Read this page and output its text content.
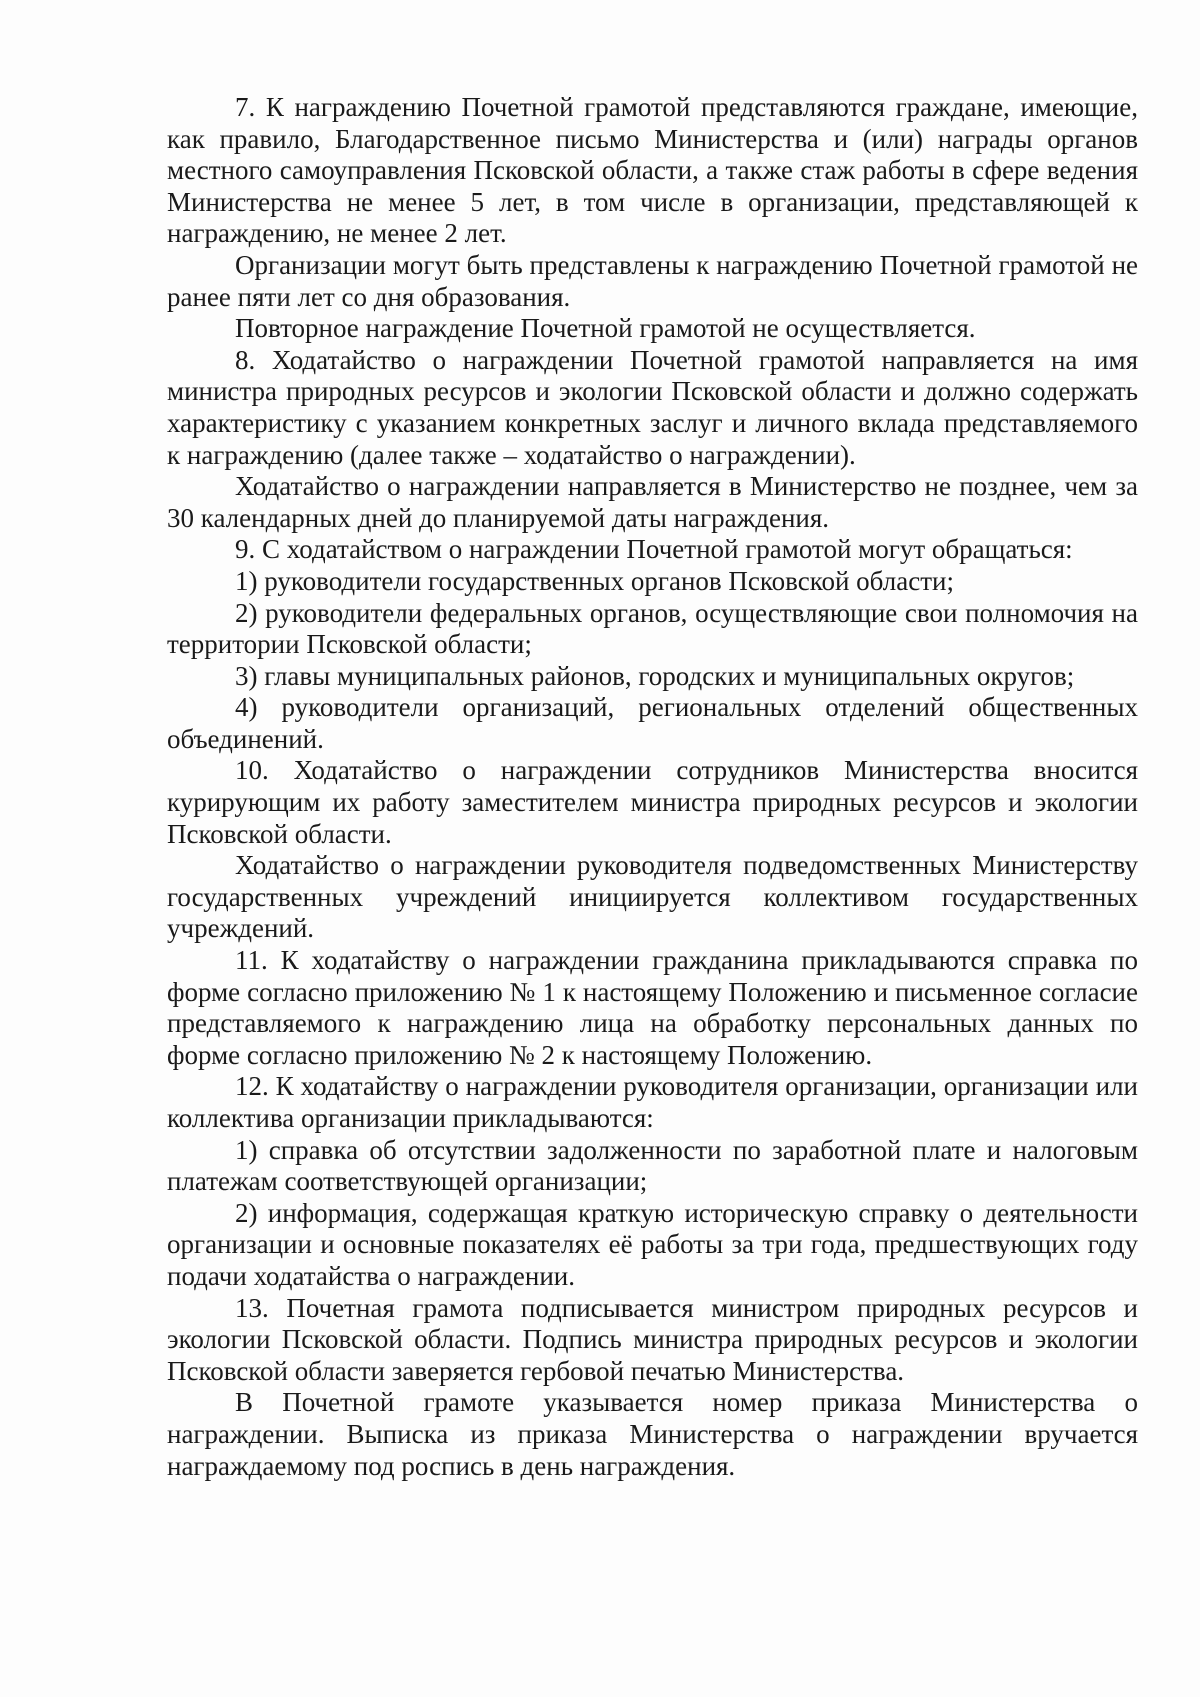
7. К награждению Почетной грамотой представляются граждане, имеющие, как правило, Благодарственное письмо Министерства и (или) награды органов местного самоуправления Псковской области, а также стаж работы в сфере ведения Министерства не менее 5 лет, в том числе в организации, представляющей к награждению, не менее 2 лет.

Организации могут быть представлены к награждению Почетной грамотой не ранее пяти лет со дня образования.

Повторное награждение Почетной грамотой не осуществляется.

8. Ходатайство о награждении Почетной грамотой направляется на имя министра природных ресурсов и экологии Псковской области и должно содержать характеристику с указанием конкретных заслуг и личного вклада представляемого к награждению (далее также – ходатайство о награждении).

Ходатайство о награждении направляется в Министерство не позднее, чем за 30 календарных дней до планируемой даты награждения.

9. С ходатайством о награждении Почетной грамотой могут обращаться:

1) руководители государственных органов Псковской области;

2) руководители федеральных органов, осуществляющие свои полномочия на территории Псковской области;

3) главы муниципальных районов, городских и муниципальных округов;

4) руководители организаций, региональных отделений общественных объединений.

10. Ходатайство о награждении сотрудников Министерства вносится курирующим их работу заместителем министра природных ресурсов и экологии Псковской области.

Ходатайство о награждении руководителя подведомственных Министерству государственных учреждений инициируется коллективом государственных учреждений.

11. К ходатайству о награждении гражданина прикладываются справка по форме согласно приложению № 1 к настоящему Положению и письменное согласие представляемого к награждению лица на обработку персональных данных по форме согласно приложению № 2 к настоящему Положению.

12. К ходатайству о награждении руководителя организации, организации или коллектива организации прикладываются:

1) справка об отсутствии задолженности по заработной плате и налоговым платежам соответствующей организации;

2) информация, содержащая краткую историческую справку о деятельности организации и основные показателях её работы за три года, предшествующих году подачи ходатайства о награждении.

13. Почетная грамота подписывается министром природных ресурсов и экологии Псковской области. Подпись министра природных ресурсов и экологии Псковской области заверяется гербовой печатью Министерства.

В Почетной грамоте указывается номер приказа Министерства о награждении. Выписка из приказа Министерства о награждении вручается награждаемому под роспись в день награждения.
